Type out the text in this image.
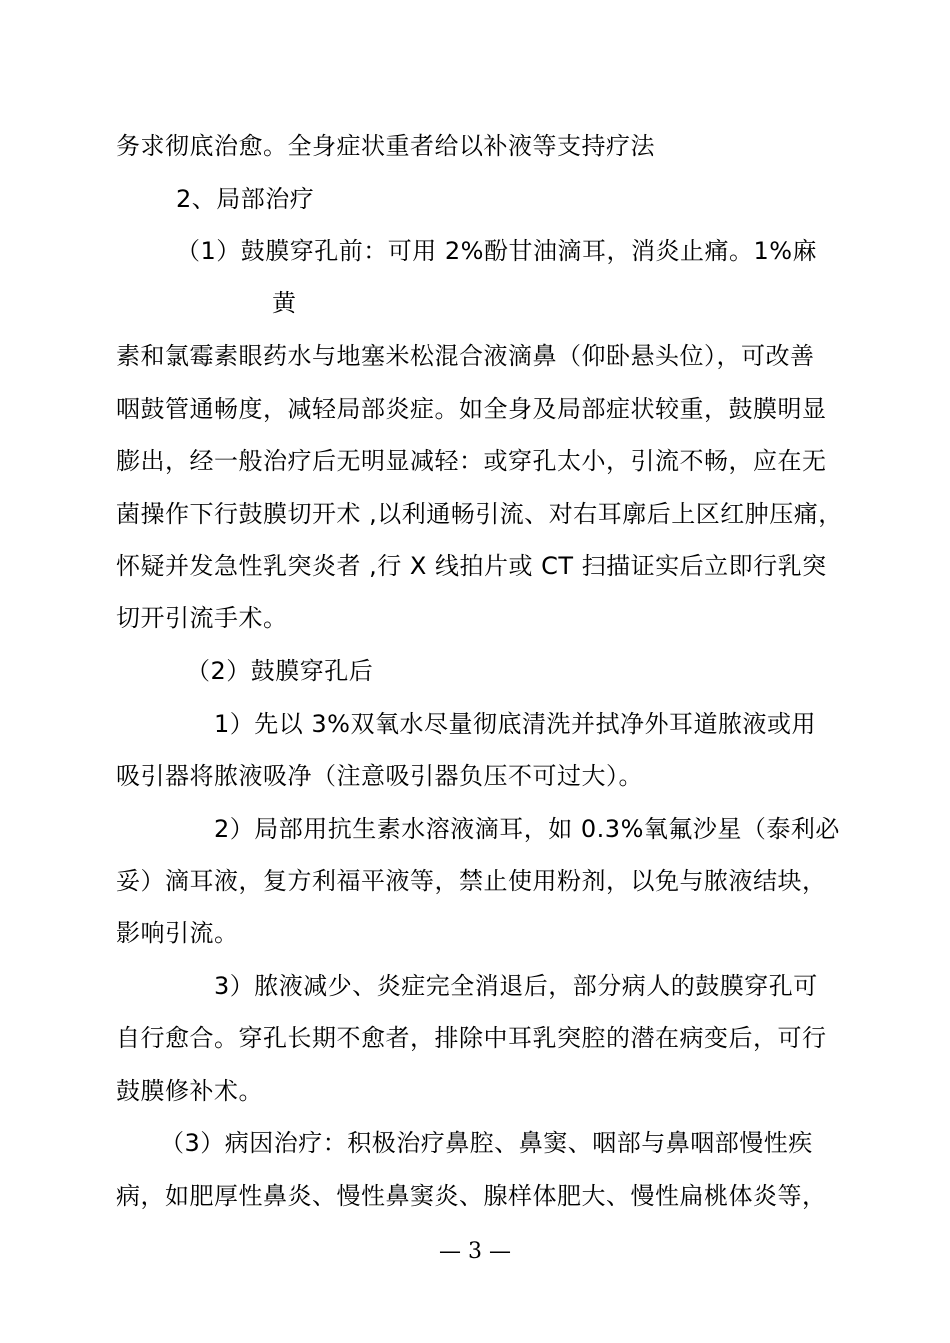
务求彻底治愈。全身症状重者给以补液等支持疗法
2、局部治疗
（1）鼓膜穿孔前：可用 2%酚甘油滴耳，消炎止痛。1%麻
黄
素和氯霉素眼药水与地塞米松混合液滴鼻（仰卧悬头位），可改善
咽鼓管通畅度，减轻局部炎症。如全身及局部症状较重，鼓膜明显
膨出，经一般治疗后无明显减轻：或穿孔太小，引流不畅，应在无
菌操作下行鼓膜切开术 ,以利通畅引流、对右耳廓后上区红肿压痛，
怀疑并发急性乳突炎者 ,行 X 线拍片或 CT 扫描证实后立即行乳突
切开引流手术。
（2）鼓膜穿孔后
1）先以 3%双氧水尽量彻底清洗并拭净外耳道脓液或用
吸引器将脓液吸净（注意吸引器负压不可过大）。
2）局部用抗生素水溶液滴耳，如 0.3%氧氟沙星（泰利必
妥）滴耳液，复方利福平液等，禁止使用粉剂，以免与脓液结块，
影响引流。
3）脓液减少、炎症完全消退后，部分病人的鼓膜穿孔可
自行愈合。穿孔长期不愈者，排除中耳乳突腔的潜在病变后，可行
鼓膜修补术。
（3）病因治疗：积极治疗鼻腔、鼻窦、咽部与鼻咽部慢性疾
病，如肥厚性鼻炎、慢性鼻窦炎、腺样体肥大、慢性扁桃体炎等，
— 3 —
